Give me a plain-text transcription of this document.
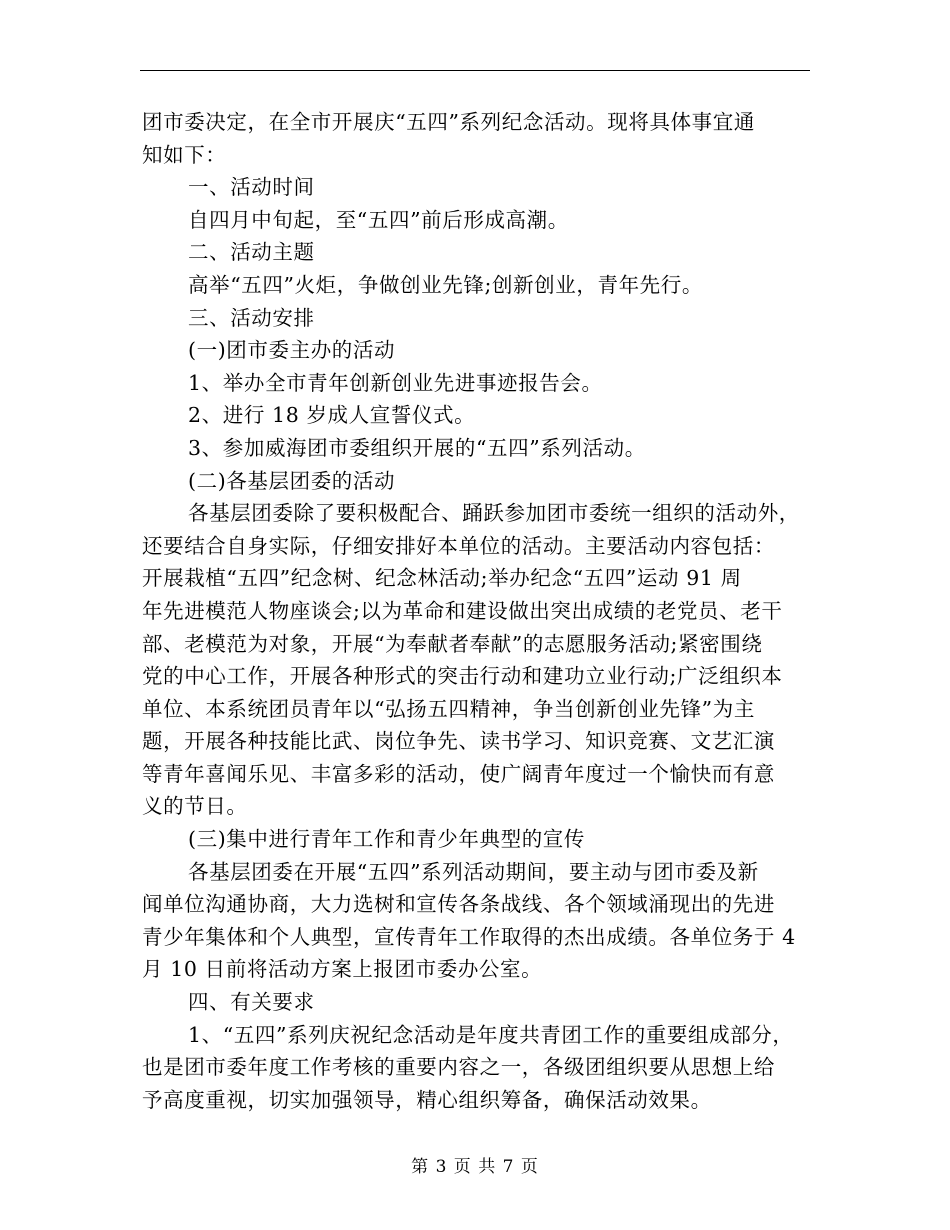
团市委决定，在全市开展庆“五四”系列纪念活动。现将具体事宜通
知如下：
一、活动时间
自四月中旬起，至“五四”前后形成高潮。
二、活动主题
高举“五四”火炬，争做创业先锋;创新创业，青年先行。
三、活动安排
(一)团市委主办的活动
1、举办全市青年创新创业先进事迹报告会。
2、进行 18 岁成人宣誓仪式。
3、参加威海团市委组织开展的“五四”系列活动。
(二)各基层团委的活动
各基层团委除了要积极配合、踊跃参加团市委统一组织的活动外，
还要结合自身实际，仔细安排好本单位的活动。主要活动内容包括：
开展栽植“五四”纪念树、纪念林活动;举办纪念“五四”运动 91 周
年先进模范人物座谈会;以为革命和建设做出突出成绩的老党员、老干
部、老模范为对象，开展“为奉献者奉献”的志愿服务活动;紧密围绕
党的中心工作，开展各种形式的突击行动和建功立业行动;广泛组织本
单位、本系统团员青年以“弘扬五四精神，争当创新创业先锋”为主
题，开展各种技能比武、岗位争先、读书学习、知识竞赛、文艺汇演
等青年喜闻乐见、丰富多彩的活动，使广阔青年度过一个愉快而有意
义的节日。
(三)集中进行青年工作和青少年典型的宣传
各基层团委在开展“五四”系列活动期间，要主动与团市委及新
闻单位沟通协商，大力选树和宣传各条战线、各个领域涌现出的先进
青少年集体和个人典型，宣传青年工作取得的杰出成绩。各单位务于 4
月 10 日前将活动方案上报团市委办公室。
四、有关要求
1、“五四”系列庆祝纪念活动是年度共青团工作的重要组成部分，
也是团市委年度工作考核的重要内容之一，各级团组织要从思想上给
予高度重视，切实加强领导，精心组织筹备，确保活动效果。
第 3 页 共 7 页
